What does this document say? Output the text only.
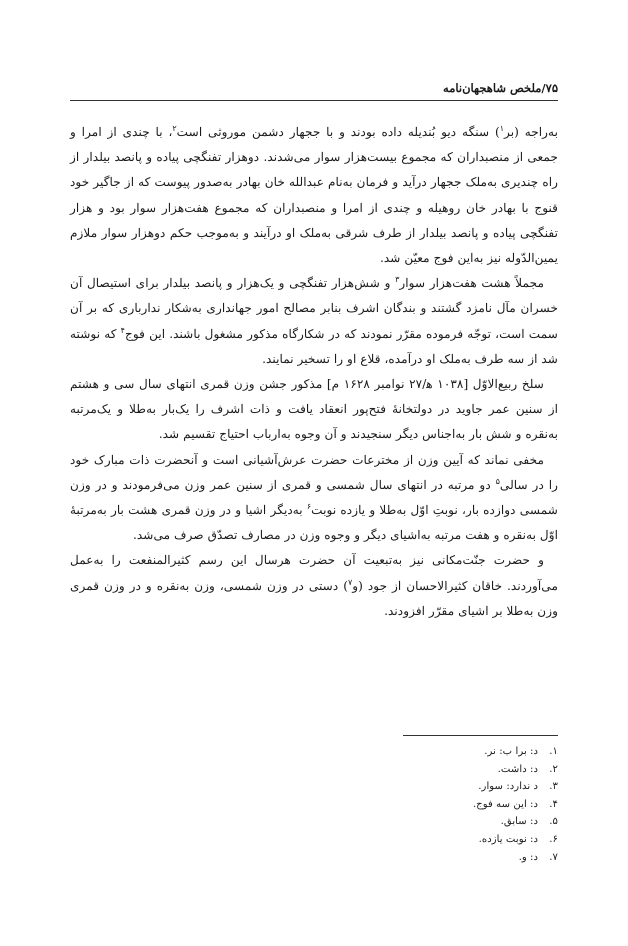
۷۵/ملخص شاهجهان‌نامه

به‌راجه (بر$^۱$) سنگه دیو بُندیله داده بودند و با ججهار دشمن موروثی است$^۲$، با چندی از امرا و جمعی از منصبداران که مجموع بیست‌هزار سوار می‌شدند. دوهزار تفنگچی پیاده و پانصد بیلدار از راه چندیری به‌ملک ججهار درآید و فرمان به‌نام عبدالله خان بهادر به‌صدور پیوست که از جاگیر خود قنوج با بهادر خان روهیله و چندی از امرا و منصبداران که مجموع هفت‌هزار سوار بود و هزار تفنگچی پیاده و پانصد بیلدار از طرف شرقی به‌ملک او درآیند و به‌موجب حکم دوهزار سوار ملازم یمین‌الدّوله نیز به‌این فوج معیّن شد.

مجملاً هشت هفت‌هزار سوار$^۳$ و شش‌هزار تفنگچی و یک‌هزار و پانصد بیلدار برای استیصال آن خسران مآل نامزد گشتند و بندگان اشرف بنابر مصالح امور جهانداری به‌شکار ندارباری که بر آن سمت است، توجّه فرموده مقرّر نمودند که در شکارگاه مذکور مشغول باشند. این فوج$^۴$ که نوشته شد از سه طرف به‌ملک او درآمده، قلاع او را تسخیر نمایند.

سلخ ربیع‌الاوّل [۱۰۳۸ ه‍/۲۷ نوامبر ۱۶۲۸ م] مذکور جشن وزن قمری انتهای سال سی و هشتم از سنین عمر جاوید در دولتخانهٔ فتح‌پور انعقاد یافت و ذات اشرف را یک‌بار به‌طلا و یک‌مرتبه به‌نقره و شش بار به‌اجناس دیگر سنجیدند و آن وجوه به‌ارباب احتیاج تقسیم شد.

مخفی نماند که آیین وزن از مخترعات حضرت عرش‌آشیانی است و آنحضرت ذات مبارک خود را در سالی$^۵$ دو مرتبه در انتهای سال شمسی و قمری از سنین عمر وزن می‌فرمودند و در وزن شمسی دوازده بار، نوبتِ اوّل به‌طلا و یازده نوبت$^۶$ به‌دیگر اشیا و در وزن قمری هشت بار به‌مرتبهٔ اوّل به‌نقره و هفت مرتبه به‌اشیای دیگر و وجوه وزن در مصارف تصدّق صرف می‌شد.

و حضرت جنّت‌مکانی نیز به‌تبعیت آن حضرت هرسال این رسم کثیرالمنفعت را به‌عمل می‌آوردند. خاقان کثیرالاحسان از جود (و$^۷$) دستی در وزن شمسی، وزن به‌نقره و در وزن قمری وزن به‌طلا بر اشیای مقرّر افزودند.

۱.
د: برا ب: نر.
۲.
د: داشت.
۳.
د ندارد: سوار.
۴.
د: این سه فوج.
۵.
د: سابق.
۶.
د: نوبت یازده.
۷.
د: و.
